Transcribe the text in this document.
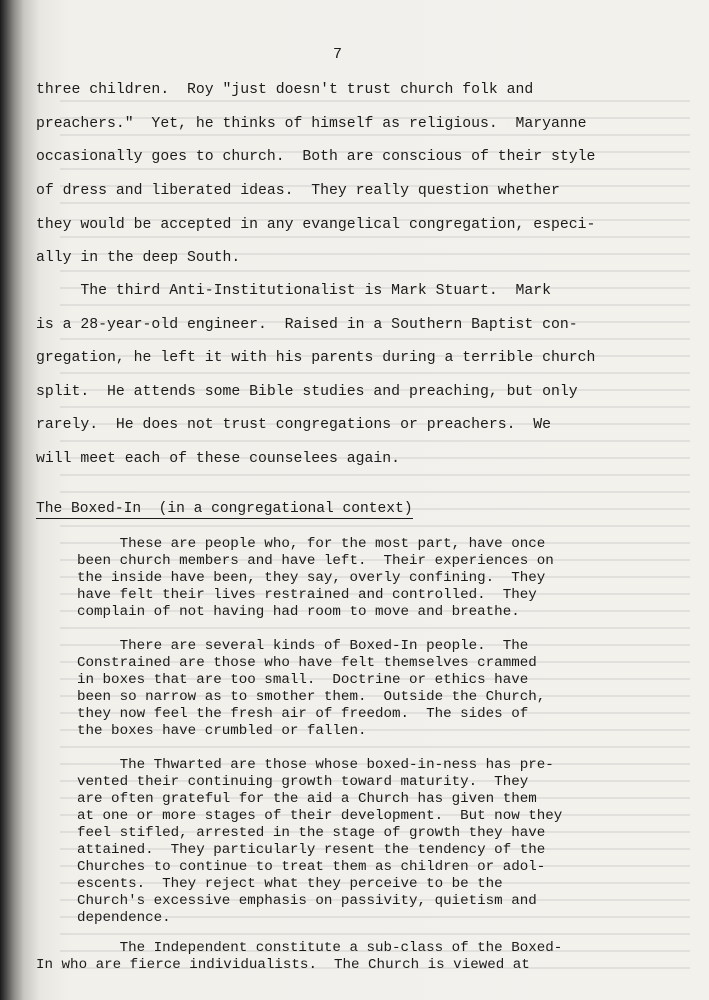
7
three children.  Roy "just doesn't trust church folk and
preachers."  Yet, he thinks of himself as religious.  Maryanne
occasionally goes to church.  Both are conscious of their style
of dress and liberated ideas.  They really question whether
they would be accepted in any evangelical congregation, especi-
ally in the deep South.
The third Anti-Institutionalist is Mark Stuart.  Mark
is a 28-year-old engineer.  Raised in a Southern Baptist con-
gregation, he left it with his parents during a terrible church
split.  He attends some Bible studies and preaching, but only
rarely.  He does not trust congregations or preachers.  We
will meet each of these counselees again.
The Boxed-In  (in a congregational context)
These are people who, for the most part, have once
been church members and have left.  Their experiences on
the inside have been, they say, overly confining.  They
have felt their lives restrained and controlled.  They
complain of not having had room to move and breathe.
There are several kinds of Boxed-In people.  The
Constrained are those who have felt themselves crammed
in boxes that are too small.  Doctrine or ethics have
been so narrow as to smother them.  Outside the Church,
they now feel the fresh air of freedom.  The sides of
the boxes have crumbled or fallen.
The Thwarted are those whose boxed-in-ness has pre-
vented their continuing growth toward maturity.  They
are often grateful for the aid a Church has given them
at one or more stages of their development.  But now they
feel stifled, arrested in the stage of growth they have
attained.  They particularly resent the tendency of the
Churches to continue to treat them as children or adol-
escents.  They reject what they perceive to be the
Church's excessive emphasis on passivity, quietism and
dependence.
The Independent constitute a sub-class of the Boxed-
In who are fierce individualists.  The Church is viewed at
